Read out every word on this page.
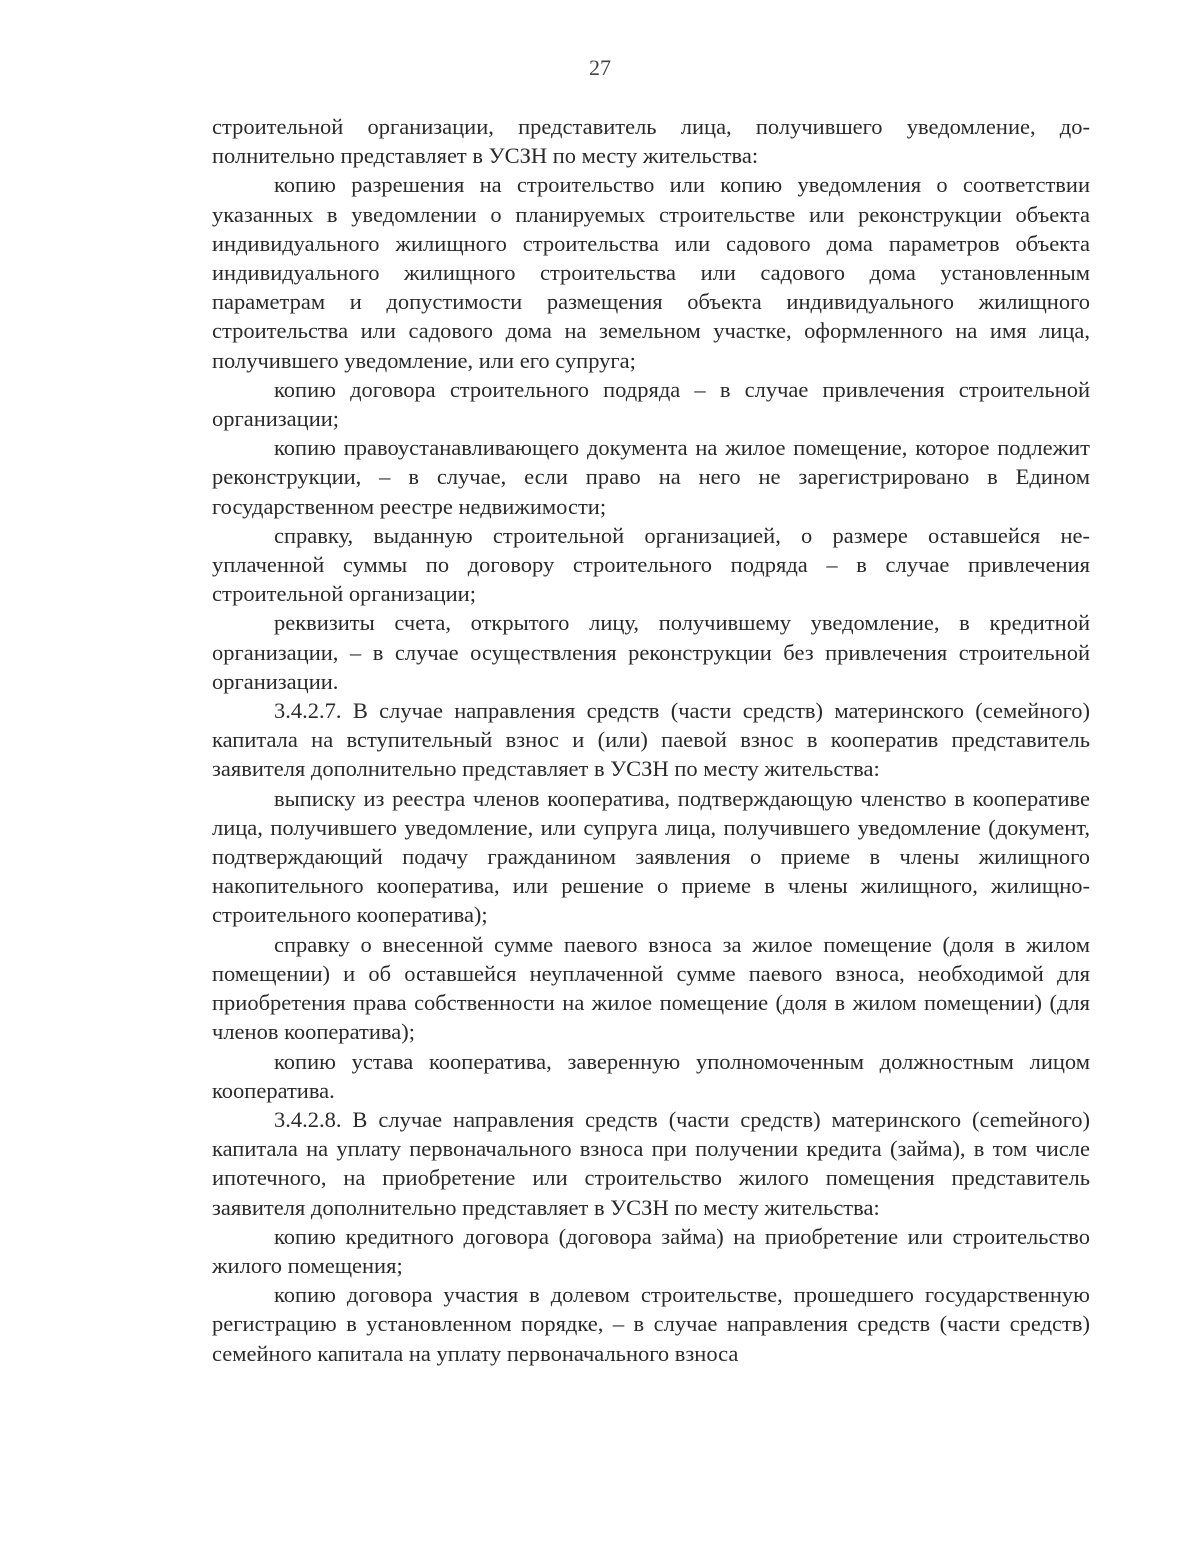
27

строительной организации, представитель лица, получившего уведомление, дополнительно представляет в УСЗН по месту жительства:

копию разрешения на строительство или копию уведомления о соответствии указанных в уведомлении о планируемых строительстве или реконструкции объекта индивидуального жилищного строительства или садового дома параметров объекта индивидуального жилищного строительства или садового дома установленным параметрам и допустимости размещения объекта индивидуального жилищного строительства или садового дома на земельном участке, оформленного на имя лица, получившего уведомление, или его супруга;

копию договора строительного подряда – в случае привлечения строительной организации;

копию правоустанавливающего документа на жилое помещение, которое подлежит реконструкции, – в случае, если право на него не зарегистрировано в Едином государственном реестре недвижимости;

справку, выданную строительной организацией, о размере оставшейся неуплаченной суммы по договору строительного подряда – в случае привлечения строительной организации;

реквизиты счета, открытого лицу, получившему уведомление, в кредитной организации, – в случае осуществления реконструкции без привлечения строительной организации.

3.4.2.7. В случае направления средств (части средств) материнского (семейного) капитала на вступительный взнос и (или) паевой взнос в кооператив представитель заявителя дополнительно представляет в УСЗН по месту жительства:

выписку из реестра членов кооператива, подтверждающую членство в кооперативе лица, получившего уведомление, или супруга лица, получившего уведомление (документ, подтверждающий подачу гражданином заявления о приеме в члены жилищного накопительного кооператива, или решение о приеме в члены жилищного, жилищно-строительного кооператива);

справку о внесенной сумме паевого взноса за жилое помещение (доля в жилом помещении) и об оставшейся неуплаченной сумме паевого взноса, необходимой для приобретения права собственности на жилое помещение (доля в жилом помещении) (для членов кооператива);

копию устава кооператива, заверенную уполномоченным должностным лицом кооператива.

3.4.2.8. В случае направления средств (части средств) материнского (сеmейного) капитала на уплату первоначального взноса при получении кредита (займа), в том числе ипотечного, на приобретение или строительство жилого помещения представитель заявителя дополнительно представляет в УСЗН по месту жительства:

копию кредитного договора (договора займа) на приобретение или строительство жилого помещения;

копию договора участия в долевом строительстве, прошедшего государственную регистрацию в установленном порядке, – в случае направления средств (части средств) семейного капитала на уплату первоначального взноса
